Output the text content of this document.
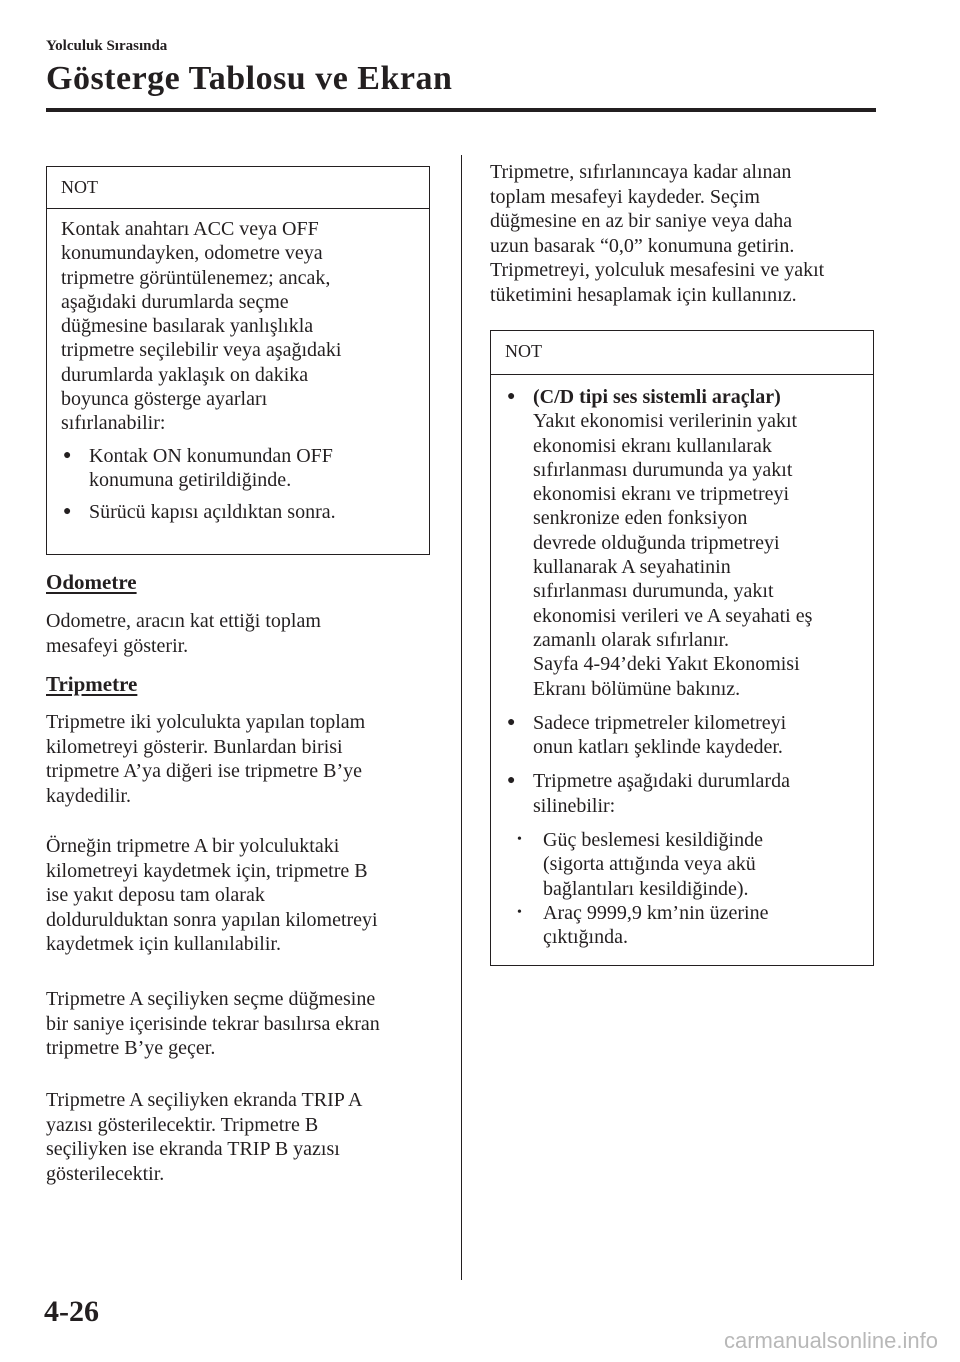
Yolculuk Sırasında
Gösterge Tablosu ve Ekran
NOT

Kontak anahtarı ACC veya OFF

konumundayken, odometre veya

tripmetre görüntülenemez; ancak,

aşağıdaki durumlarda seçme

düğmesine basılarak yanlışlıkla

tripmetre seçilebilir veya aşağıdaki

durumlarda yaklaşık on dakika

boyunca gösterge ayarları

sıfırlanabilir:

● Kontak ON konumundan OFF
konumuna getirildiğinde.
● Sürücü kapısı açıldıktan sonra.
Odometre
Odometre, aracın kat ettiği toplam
mesafeyi gösterir.
Tripmetre
Tripmetre iki yolculukta yapılan toplam
kilometreyi gösterir. Bunlardan birisi
tripmetre A’ya diğeri ise tripmetre B’ye
kaydedilir.
Örneğin tripmetre A bir yolculuktaki
kilometreyi kaydetmek için, tripmetre B
ise yakıt deposu tam olarak
doldurulduktan sonra yapılan kilometreyi
kaydetmek için kullanılabilir.
Tripmetre A seçiliyken seçme düğmesine
bir saniye içerisinde tekrar basılırsa ekran
tripmetre B’ye geçer.
Tripmetre A seçiliyken ekranda TRIP A
yazısı gösterilecektir. Tripmetre B
seçiliyken ise ekranda TRIP B yazısı
gösterilecektir.
Tripmetre, sıfırlanıncaya kadar alınan
toplam mesafeyi kaydeder. Seçim
düğmesine en az bir saniye veya daha
uzun basarak “0,0” konumuna getirin.
Tripmetreyi, yolculuk mesafesini ve yakıt
tüketimini hesaplamak için kullanınız.
NOT
● (C/D tipi ses sistemli araçlar)
Yakıt ekonomisi verilerinin yakıt
ekonomisi ekranı kullanılarak
sıfırlanması durumunda ya yakıt
ekonomisi ekranı ve tripmetreyi
senkronize eden fonksiyon
devrede olduğunda tripmetreyi
kullanarak A seyahatinin
sıfırlanması durumunda, yakıt
ekonomisi verileri ve A seyahati eş
zamanlı olarak sıfırlanır.
Sayfa 4-94’deki Yakıt Ekonomisi
Ekranı bölümüne bakınız.
● Sadece tripmetreler kilometreyi
onun katları şeklinde kaydeder.
● Tripmetre aşağıdaki durumlarda
silinebilir:
•	Güç beslemesi kesildiğinde
(sigorta attığında veya akü
bağlantıları kesildiğinde).
•	Araç 9999,9 km’nin üzerine
çıktığında.
4-26
carmanualsonline.info
